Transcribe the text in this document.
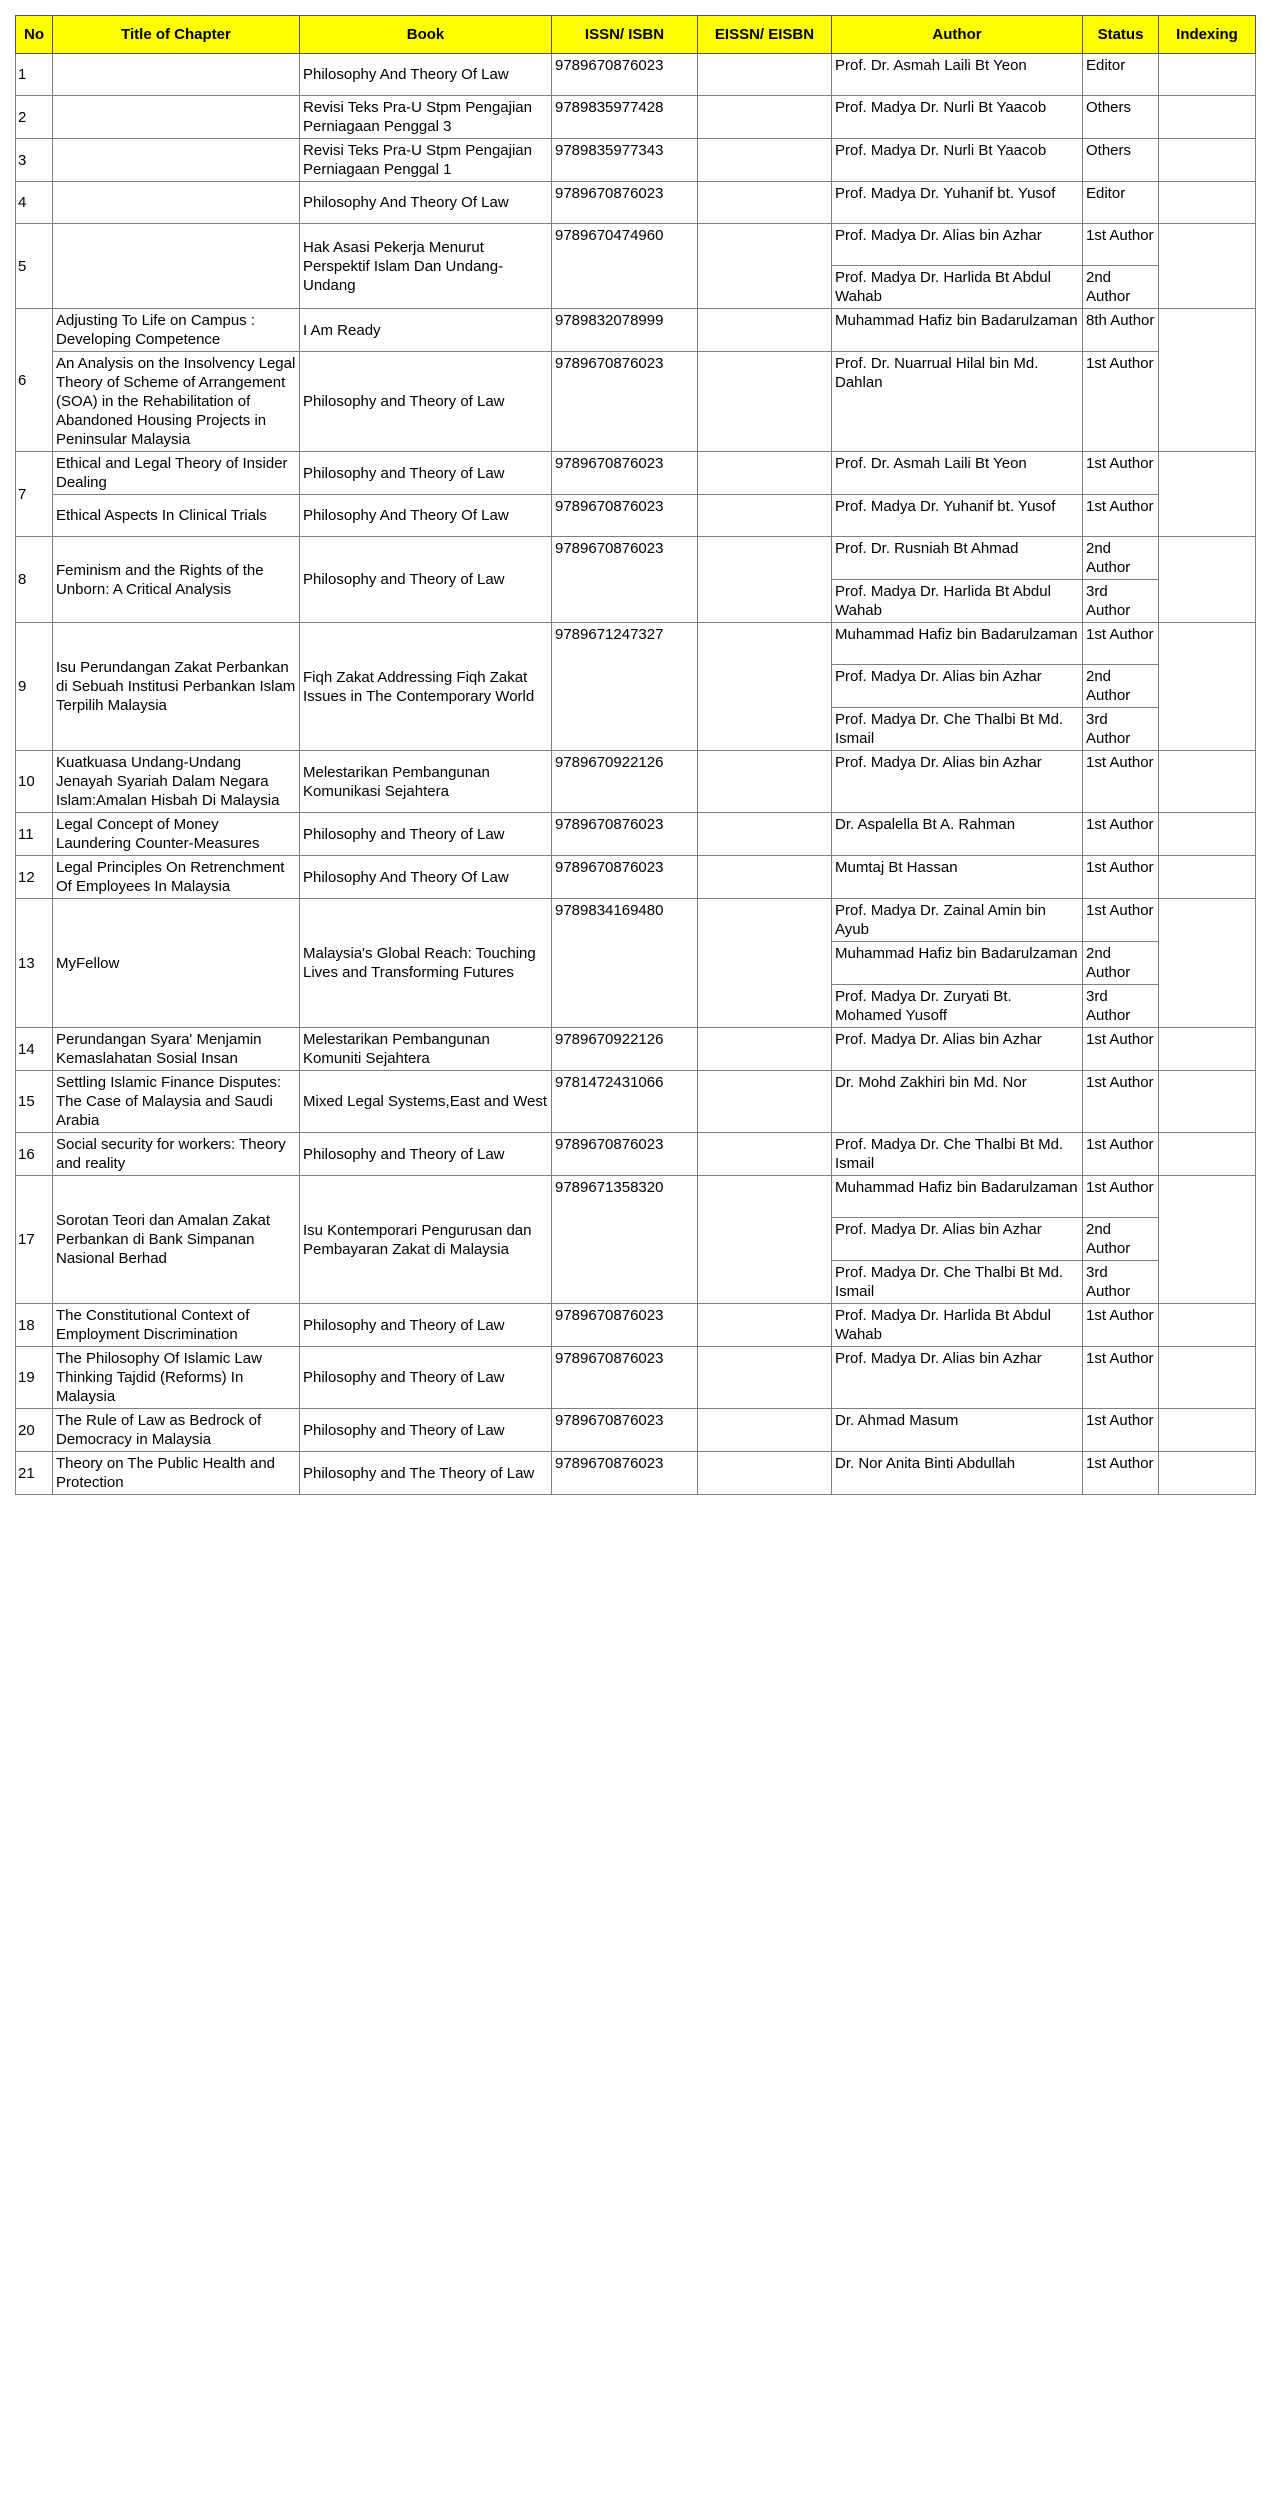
No	Title of Chapter	Book	ISSN/ ISBN	EISSN/ EISBN	Author	Status	Indexing
1		Philosophy And Theory Of Law	9789670876023		Prof. Dr. Asmah Laili Bt Yeon	Editor	
2		Revisi Teks Pra-U Stpm Pengajian Perniagaan Penggal 3	9789835977428		Prof. Madya Dr. Nurli Bt Yaacob	Others	
3		Revisi Teks Pra-U Stpm Pengajian Perniagaan Penggal 1	9789835977343		Prof. Madya Dr. Nurli Bt Yaacob	Others	
4		Philosophy And Theory Of Law	9789670876023		Prof. Madya Dr. Yuhanif bt. Yusof	Editor	
5		Hak Asasi Pekerja Menurut Perspektif Islam Dan Undang-Undang	9789670474960		Prof. Madya Dr. Alias bin Azhar	1st Author	
					Prof. Madya Dr. Harlida Bt Abdul Wahab	2nd Author	
6	Adjusting To Life on Campus : Developing Competence	I Am Ready	9789832078999		Muhammad Hafiz bin Badarulzaman	8th Author	
	An Analysis on the Insolvency Legal Theory of Scheme of Arrangement (SOA) in the Rehabilitation of Abandoned Housing Projects in Peninsular Malaysia	Philosophy and Theory of Law	9789670876023		Prof. Dr. Nuarrual Hilal bin Md. Dahlan	1st Author	
7	Ethical and Legal Theory of Insider Dealing	Philosophy and Theory of Law	9789670876023		Prof. Dr. Asmah Laili Bt Yeon	1st Author	
	Ethical Aspects In Clinical Trials	Philosophy And Theory Of Law	9789670876023		Prof. Madya Dr. Yuhanif bt. Yusof	1st Author	
8	Feminism and the Rights of the Unborn: A Critical Analysis	Philosophy and Theory of Law	9789670876023		Prof. Dr. Rusniah Bt Ahmad	2nd Author	
					Prof. Madya Dr. Harlida Bt Abdul Wahab	3rd Author	
9	Isu Perundangan Zakat Perbankan di Sebuah Institusi Perbankan Islam Terpilih Malaysia	Fiqh Zakat Addressing Fiqh Zakat Issues in The Contemporary World	9789671247327		Muhammad Hafiz bin Badarulzaman	1st Author	
					Prof. Madya Dr. Alias bin Azhar	2nd Author	
					Prof. Madya Dr. Che Thalbi Bt Md. Ismail	3rd Author	
10	Kuatkuasa Undang-Undang Jenayah Syariah Dalam Negara Islam:Amalan Hisbah Di Malaysia	Melestarikan Pembangunan Komunikasi Sejahtera	9789670922126		Prof. Madya Dr. Alias bin Azhar	1st Author	
11	Legal Concept of Money Laundering Counter-Measures	Philosophy and Theory of Law	9789670876023		Dr. Aspalella Bt A. Rahman	1st Author	
12	Legal Principles On Retrenchment Of Employees In Malaysia	Philosophy And Theory Of Law	9789670876023		Mumtaj Bt Hassan	1st Author	
13	MyFellow	Malaysia's Global Reach: Touching Lives and Transforming Futures	9789834169480		Prof. Madya Dr. Zainal Amin bin Ayub	1st Author	
					Muhammad Hafiz bin Badarulzaman	2nd Author	
					Prof. Madya Dr. Zuryati Bt. Mohamed Yusoff	3rd Author	
14	Perundangan Syara' Menjamin Kemaslahatan Sosial Insan	Melestarikan Pembangunan Komuniti Sejahtera	9789670922126		Prof. Madya Dr. Alias bin Azhar	1st Author	
15	Settling Islamic Finance Disputes: The Case of Malaysia and Saudi Arabia	Mixed Legal Systems,East and West	9781472431066		Dr. Mohd Zakhiri bin Md. Nor	1st Author	
16	Social security for workers: Theory and reality	Philosophy and Theory of Law	9789670876023		Prof. Madya Dr. Che Thalbi Bt Md. Ismail	1st Author	
17	Sorotan Teori dan Amalan Zakat Perbankan di Bank Simpanan Nasional Berhad	Isu Kontemporari Pengurusan dan Pembayaran Zakat di Malaysia	9789671358320		Muhammad Hafiz bin Badarulzaman	1st Author	
					Prof. Madya Dr. Alias bin Azhar	2nd Author	
					Prof. Madya Dr. Che Thalbi Bt Md. Ismail	3rd Author	
18	The Constitutional Context of Employment Discrimination	Philosophy and Theory of Law	9789670876023		Prof. Madya Dr. Harlida Bt Abdul Wahab	1st Author	
19	The Philosophy Of Islamic Law Thinking Tajdid (Reforms) In Malaysia	Philosophy and Theory of Law	9789670876023		Prof. Madya Dr. Alias bin Azhar	1st Author	
20	The Rule of Law as Bedrock of Democracy in Malaysia	Philosophy and Theory of Law	9789670876023		Dr. Ahmad Masum	1st Author	
21	Theory on The Public Health and Protection	Philosophy and The Theory of Law	9789670876023		Dr. Nor Anita Binti Abdullah	1st Author	
